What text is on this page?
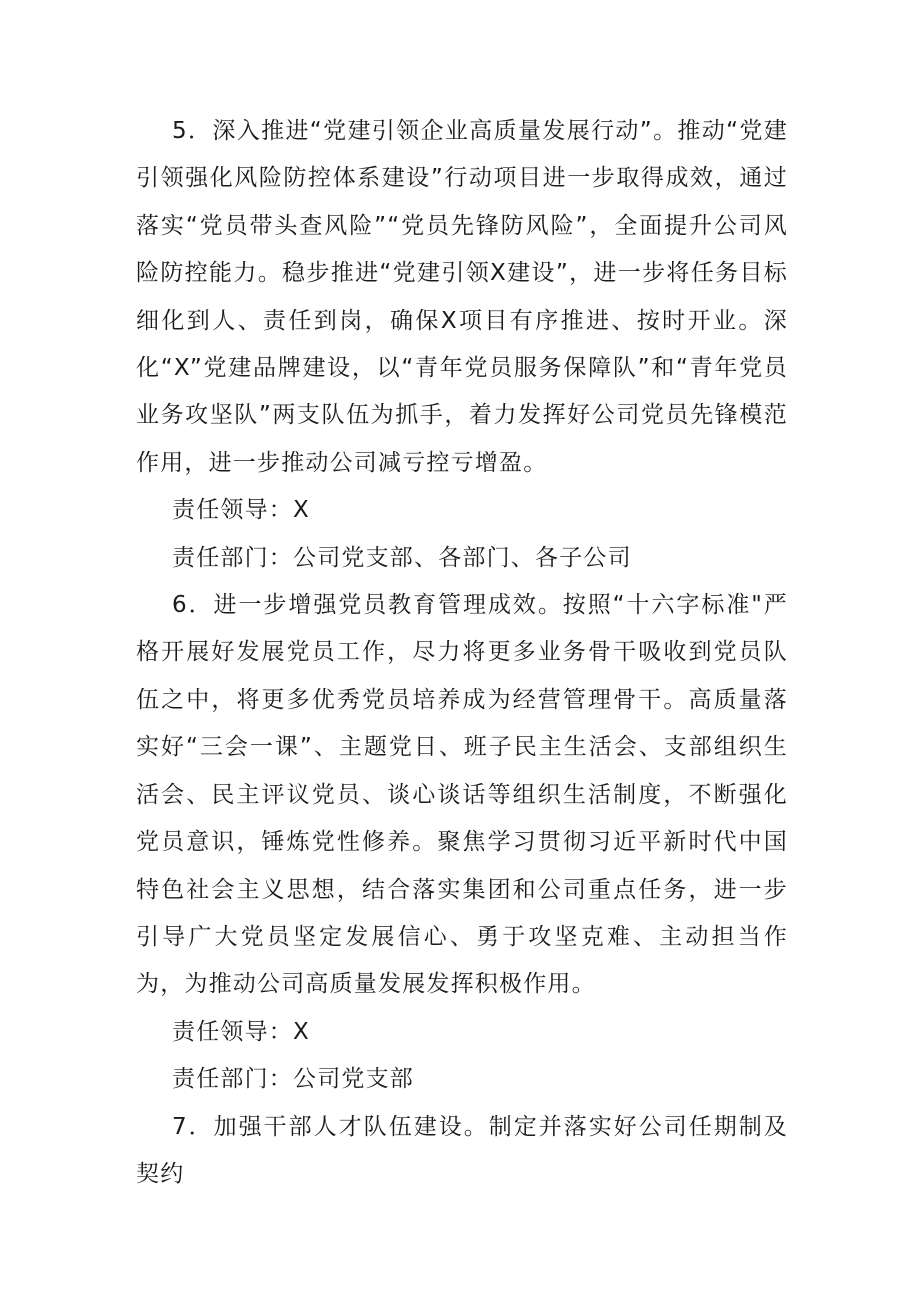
5．深入推进“党建引领企业高质量发展行动”。推动“党建引领强化风险防控体系建设”行动项目进一步取得成效，通过落实“党员带头查风险”“党员先锋防风险”，全面提升公司风险防控能力。稳步推进“党建引领X建设”，进一步将任务目标细化到人、责任到岗，确保X项目有序推进、按时开业。深化“X”党建品牌建设，以“青年党员服务保障队”和“青年党员业务攻坚队”两支队伍为抓手，着力发挥好公司党员先锋模范作用，进一步推动公司减亏控亏增盈。

责任领导：X

责任部门：公司党支部、各部门、各子公司

6．进一步增强党员教育管理成效。按照“十六字标准"严格开展好发展党员工作，尽力将更多业务骨干吸收到党员队伍之中，将更多优秀党员培养成为经营管理骨干。高质量落实好“三会一课”、主题党日、班子民主生活会、支部组织生活会、民主评议党员、谈心谈话等组织生活制度，不断强化党员意识，锤炼党性修养。聚焦学习贯彻习近平新时代中国特色社会主义思想，结合落实集团和公司重点任务，进一步引导广大党员坚定发展信心、勇于攻坚克难、主动担当作为，为推动公司高质量发展发挥积极作用。

责任领导：X

责任部门：公司党支部

7．加强干部人才队伍建设。制定并落实好公司任期制及契约
